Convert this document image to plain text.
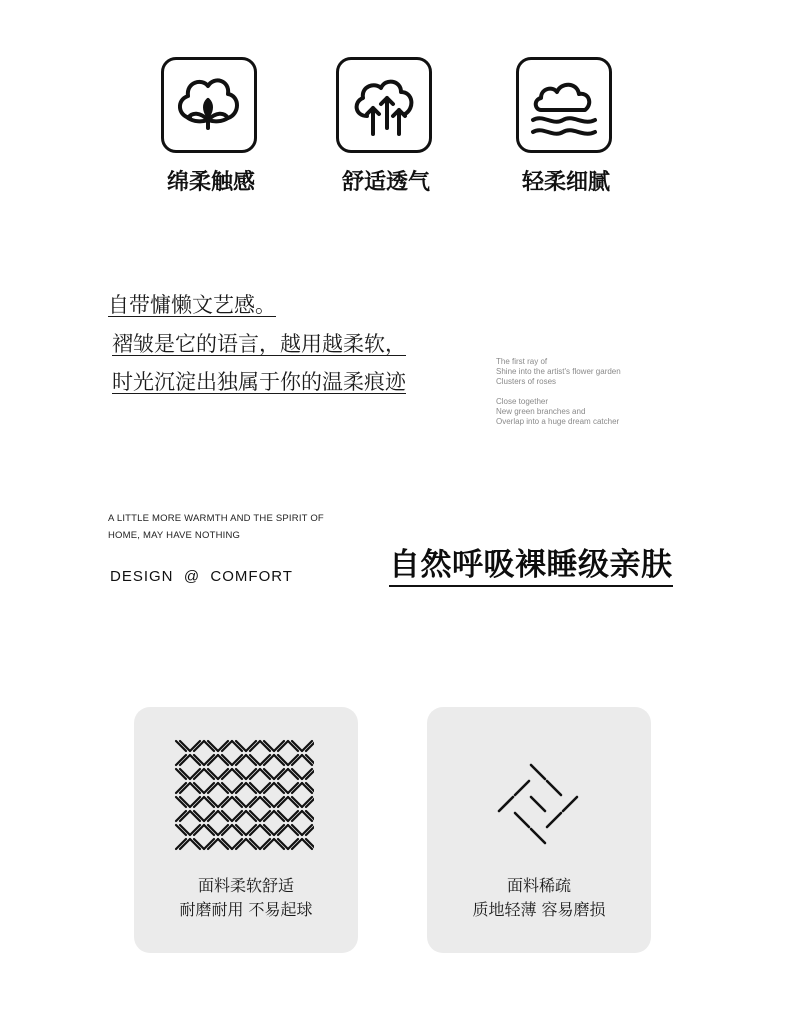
绵柔触感	舒适透气	轻柔细腻
自带慵懒文艺感。
褶皱是它的语言，越用越柔软，
时光沉淀出独属于你的温柔痕迹
The first ray of
Shine into the artist's flower garden
Clusters of roses
Close together
New green branches and
Overlap into a huge dream catcher
A LITTLE MORE WARMTH AND THE SPIRIT OF HOME, MAY HAVE NOTHING
DESIGN  @  COMFORT	自然呼吸裸睡级亲肤
面料柔软舒适
耐磨耐用 不易起球
面料稀疏
质地轻薄 容易磨损
